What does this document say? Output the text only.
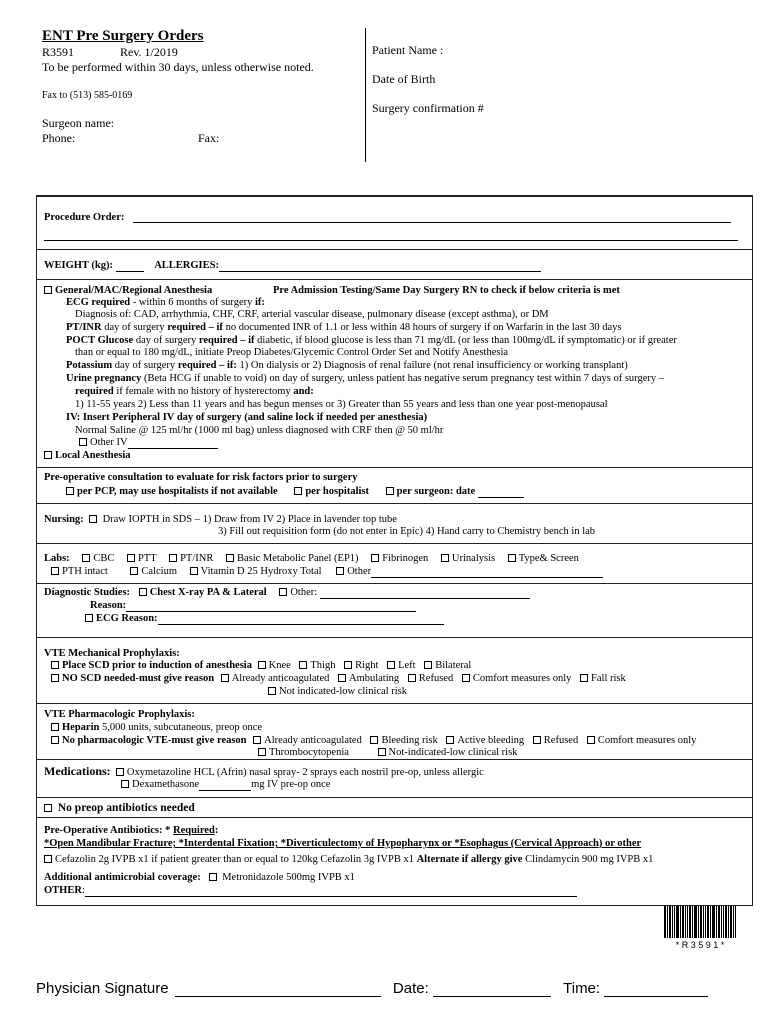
ENT Pre Surgery Orders
R3591	Rev. 1/2019
To be performed within 30 days, unless otherwise noted.
Fax to (513) 585-0169
Surgeon name:
Phone:	Fax:
Patient Name :
Date of Birth
Surgery confirmation #
Procedure Order:
WEIGHT (kg):	ALLERGIES:
General/MAC/Regional Anesthesia	Pre Admission Testing/Same Day Surgery RN to check if below criteria is met
ECG required - within 6 months of surgery if:
Diagnosis of: CAD, arrhythmia, CHF, CRF, arterial vascular disease, pulmonary disease (except asthma), or DM
PT/INR day of surgery required – if no documented INR of 1.1 or less within 48 hours of surgery if on Warfarin in the last 30 days
POCT Glucose day of surgery required – if diabetic, if blood glucose is less than 71 mg/dL (or less than 100mg/dL if symptomatic) or if greater
than or equal to 180 mg/dL, initiate Preop Diabetes/Glycemic Control Order Set and Notify Anesthesia
Potassium day of surgery required – if: 1) On dialysis or 2) Diagnosis of renal failure (not renal insufficiency or working transplant)
Urine pregnancy (Beta HCG if unable to void) on day of surgery, unless patient has negative serum pregnancy test within 7 days of surgery –
required if female with no history of hysterectomy and:
1) 11-55 years 2) Less than 11 years and has begun menses or 3) Greater than 55 years and less than one year post-menopausal
IV: Insert Peripheral IV day of surgery (and saline lock if needed per anesthesia)
Normal Saline @ 125 ml/hr (1000 ml bag) unless diagnosed with CRF then @ 50 ml/hr
Other IV
Local Anesthesia
Pre-operative consultation to evaluate for risk factors prior to surgery
per PCP, may use hospitalists if not available	per hospitalist	per surgeon: date
Nursing: Draw IOPTH in SDS – 1) Draw from IV 2) Place in lavender top tube
3) Fill out requisition form (do not enter in Epic) 4) Hand carry to Chemistry bench in lab
Labs: CBC PTT PT/INR Basic Metabolic Panel (EP1) Fibrinogen Urinalysis Type& Screen
PTH intact	Calcium Vitamin D 25 Hydroxy Total Other
Diagnostic Studies: Chest X-ray PA & Lateral Other:
Reason:
ECG Reason:
VTE Mechanical Prophylaxis:
Place SCD prior to induction of anesthesia Knee Thigh Right Left Bilateral
NO SCD needed-must give reason Already anticoagulated Ambulating Refused Comfort measures only Fall risk
Not indicated-low clinical risk
VTE Pharmacologic Prophylaxis:
Heparin 5,000 units, subcutaneous, preop once
No pharmacologic VTE-must give reason Already anticoagulated Bleeding risk Active bleeding Refused Comfort measures only
Thrombocytopenia	Not-indicated-low clinical risk
Medications: Oxymetazoline HCL (Afrin) nasal spray- 2 sprays each nostril pre-op, unless allergic
Dexamethasone	mg IV pre-op once
No preop antibiotics needed
Pre-Operative Antibiotics: * Required:
*Open Mandibular Fracture; *Interdental Fixation; *Diverticulectomy of Hypopharynx or *Esophagus (Cervical Approach) or other
Cefazolin 2g IVPB x1 if patient greater than or equal to 120kg Cefazolin 3g IVPB x1 Alternate if allergy give Clindamycin 900 mg IVPB x1
Additional antimicrobial coverage: Metronidazole 500mg IVPB x1
OTHER:
* R 3 5 9 1 *
Physician Signature	Date:	Time:
